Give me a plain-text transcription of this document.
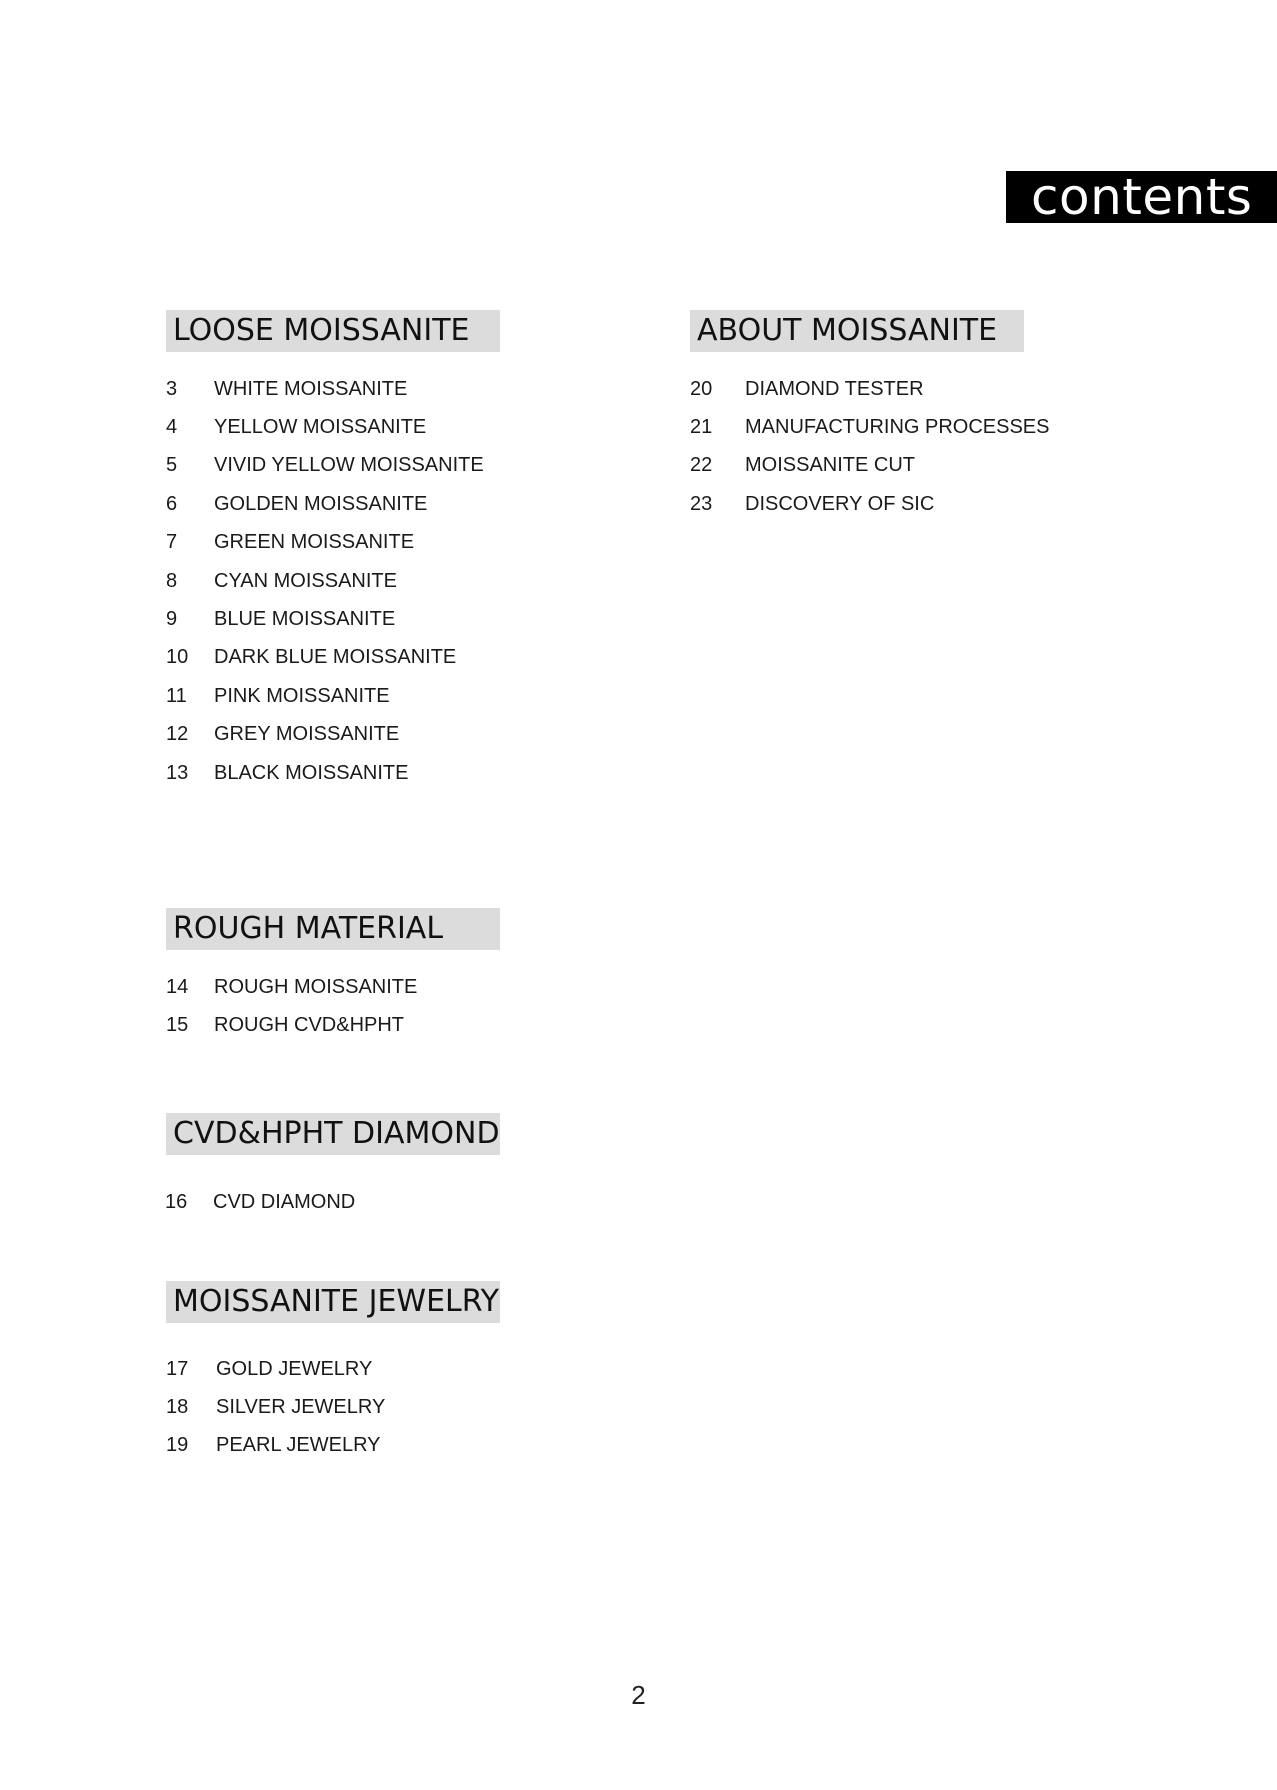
contents
LOOSE MOISSANITE
3	WHITE MOISSANITE
4	YELLOW MOISSANITE
5	VIVID YELLOW MOISSANITE
6	GOLDEN MOISSANITE
7	GREEN MOISSANITE
8	CYAN MOISSANITE
9	BLUE MOISSANITE
10	DARK BLUE MOISSANITE
11	PINK MOISSANITE
12	GREY MOISSANITE
13	BLACK MOISSANITE
ABOUT MOISSANITE
20	DIAMOND TESTER
21	MANUFACTURING PROCESSES
22	MOISSANITE CUT
23	DISCOVERY OF SIC
ROUGH MATERIAL
14	ROUGH MOISSANITE
15	ROUGH CVD&HPHT
CVD&HPHT DIAMOND
16	CVD DIAMOND
MOISSANITE JEWELRY
17	GOLD JEWELRY
18	SILVER JEWELRY
19	PEARL JEWELRY
2
